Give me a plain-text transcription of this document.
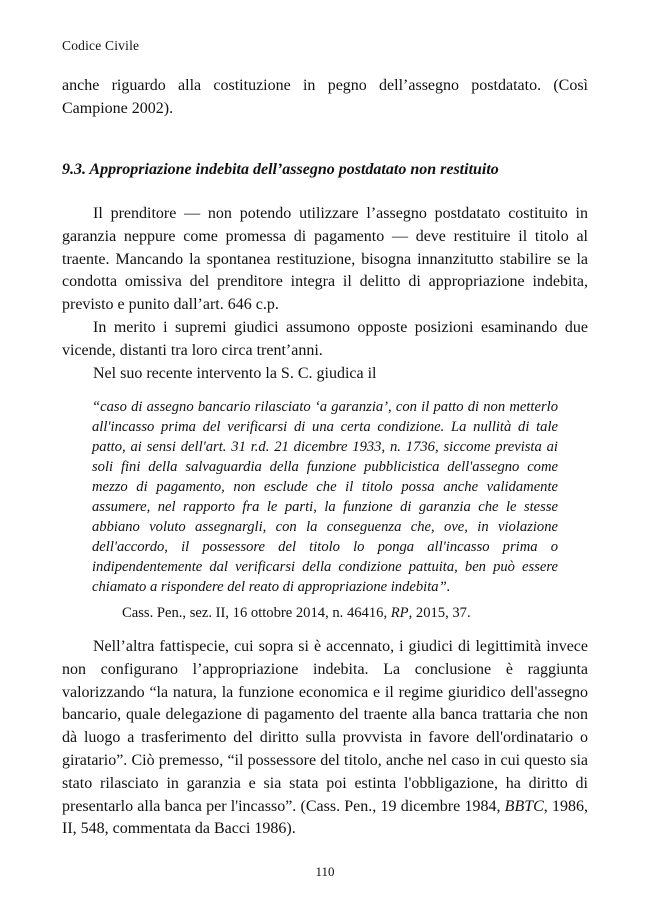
Codice Civile

anche riguardo alla costituzione in pegno dell’assegno postdatato. (Così Campione 2002).

9.3. Appropriazione indebita dell’assegno postdatato non restituito

Il prenditore — non potendo utilizzare l’assegno postdatato costituito in garanzia neppure come promessa di pagamento — deve restituire il titolo al traente. Mancando la spontanea restituzione, bisogna innanzitutto stabilire se la condotta omissiva del prenditore integra il delitto di appropriazione indebita, previsto e punito dall’art. 646 c.p.

In merito i supremi giudici assumono opposte posizioni esaminando due vicende, distanti tra loro circa trent’anni.

Nel suo recente intervento la S. C. giudica il

“caso di assegno bancario rilasciato ‘a garanzia’, con il patto di non metterlo all'incasso prima del verificarsi di una certa condizione. La nullità di tale patto, ai sensi dell'art. 31 r.d. 21 dicembre 1933, n. 1736, siccome prevista ai soli fini della salvaguardia della funzione pubblicistica dell'assegno come mezzo di pagamento, non esclude che il titolo possa anche validamente assumere, nel rapporto fra le parti, la funzione di garanzia che le stesse abbiano voluto assegnargli, con la conseguenza che, ove, in violazione dell'accordo, il possessore del titolo lo ponga all'incasso prima o indipendentemente dal verificarsi della condizione pattuita, ben può essere chiamato a rispondere del reato di appropriazione indebita”.

Cass. Pen., sez. II, 16 ottobre 2014, n. 46416, RP, 2015, 37.

Nell’altra fattispecie, cui sopra si è accennato, i giudici di legittimità invece non configurano l’appropriazione indebita. La conclusione è raggiunta valorizzando “la natura, la funzione economica e il regime giuridico dell'assegno bancario, quale delegazione di pagamento del traente alla banca trattaria che non dà luogo a trasferimento del diritto sulla provvista in favore dell'ordinatario o giratario”. Ciò premesso, “il possessore del titolo, anche nel caso in cui questo sia stato rilasciato in garanzia e sia stata poi estinta l'obbligazione, ha diritto di presentarlo alla banca per l'incasso”. (Cass. Pen., 19 dicembre 1984, BBTC, 1986, II, 548, commentata da Bacci 1986).

110
